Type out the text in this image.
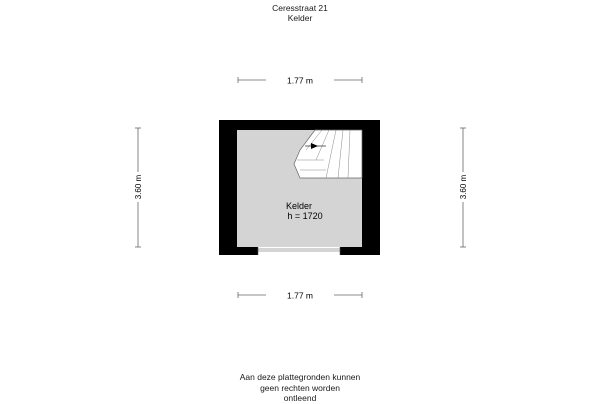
Ceresstraat 21
Kelder
1.77 m
1.77 m
3.60 m	3.60 m
Kelder
h = 1720
Aan deze plattegronden kunnen
geen rechten worden
ontleend
